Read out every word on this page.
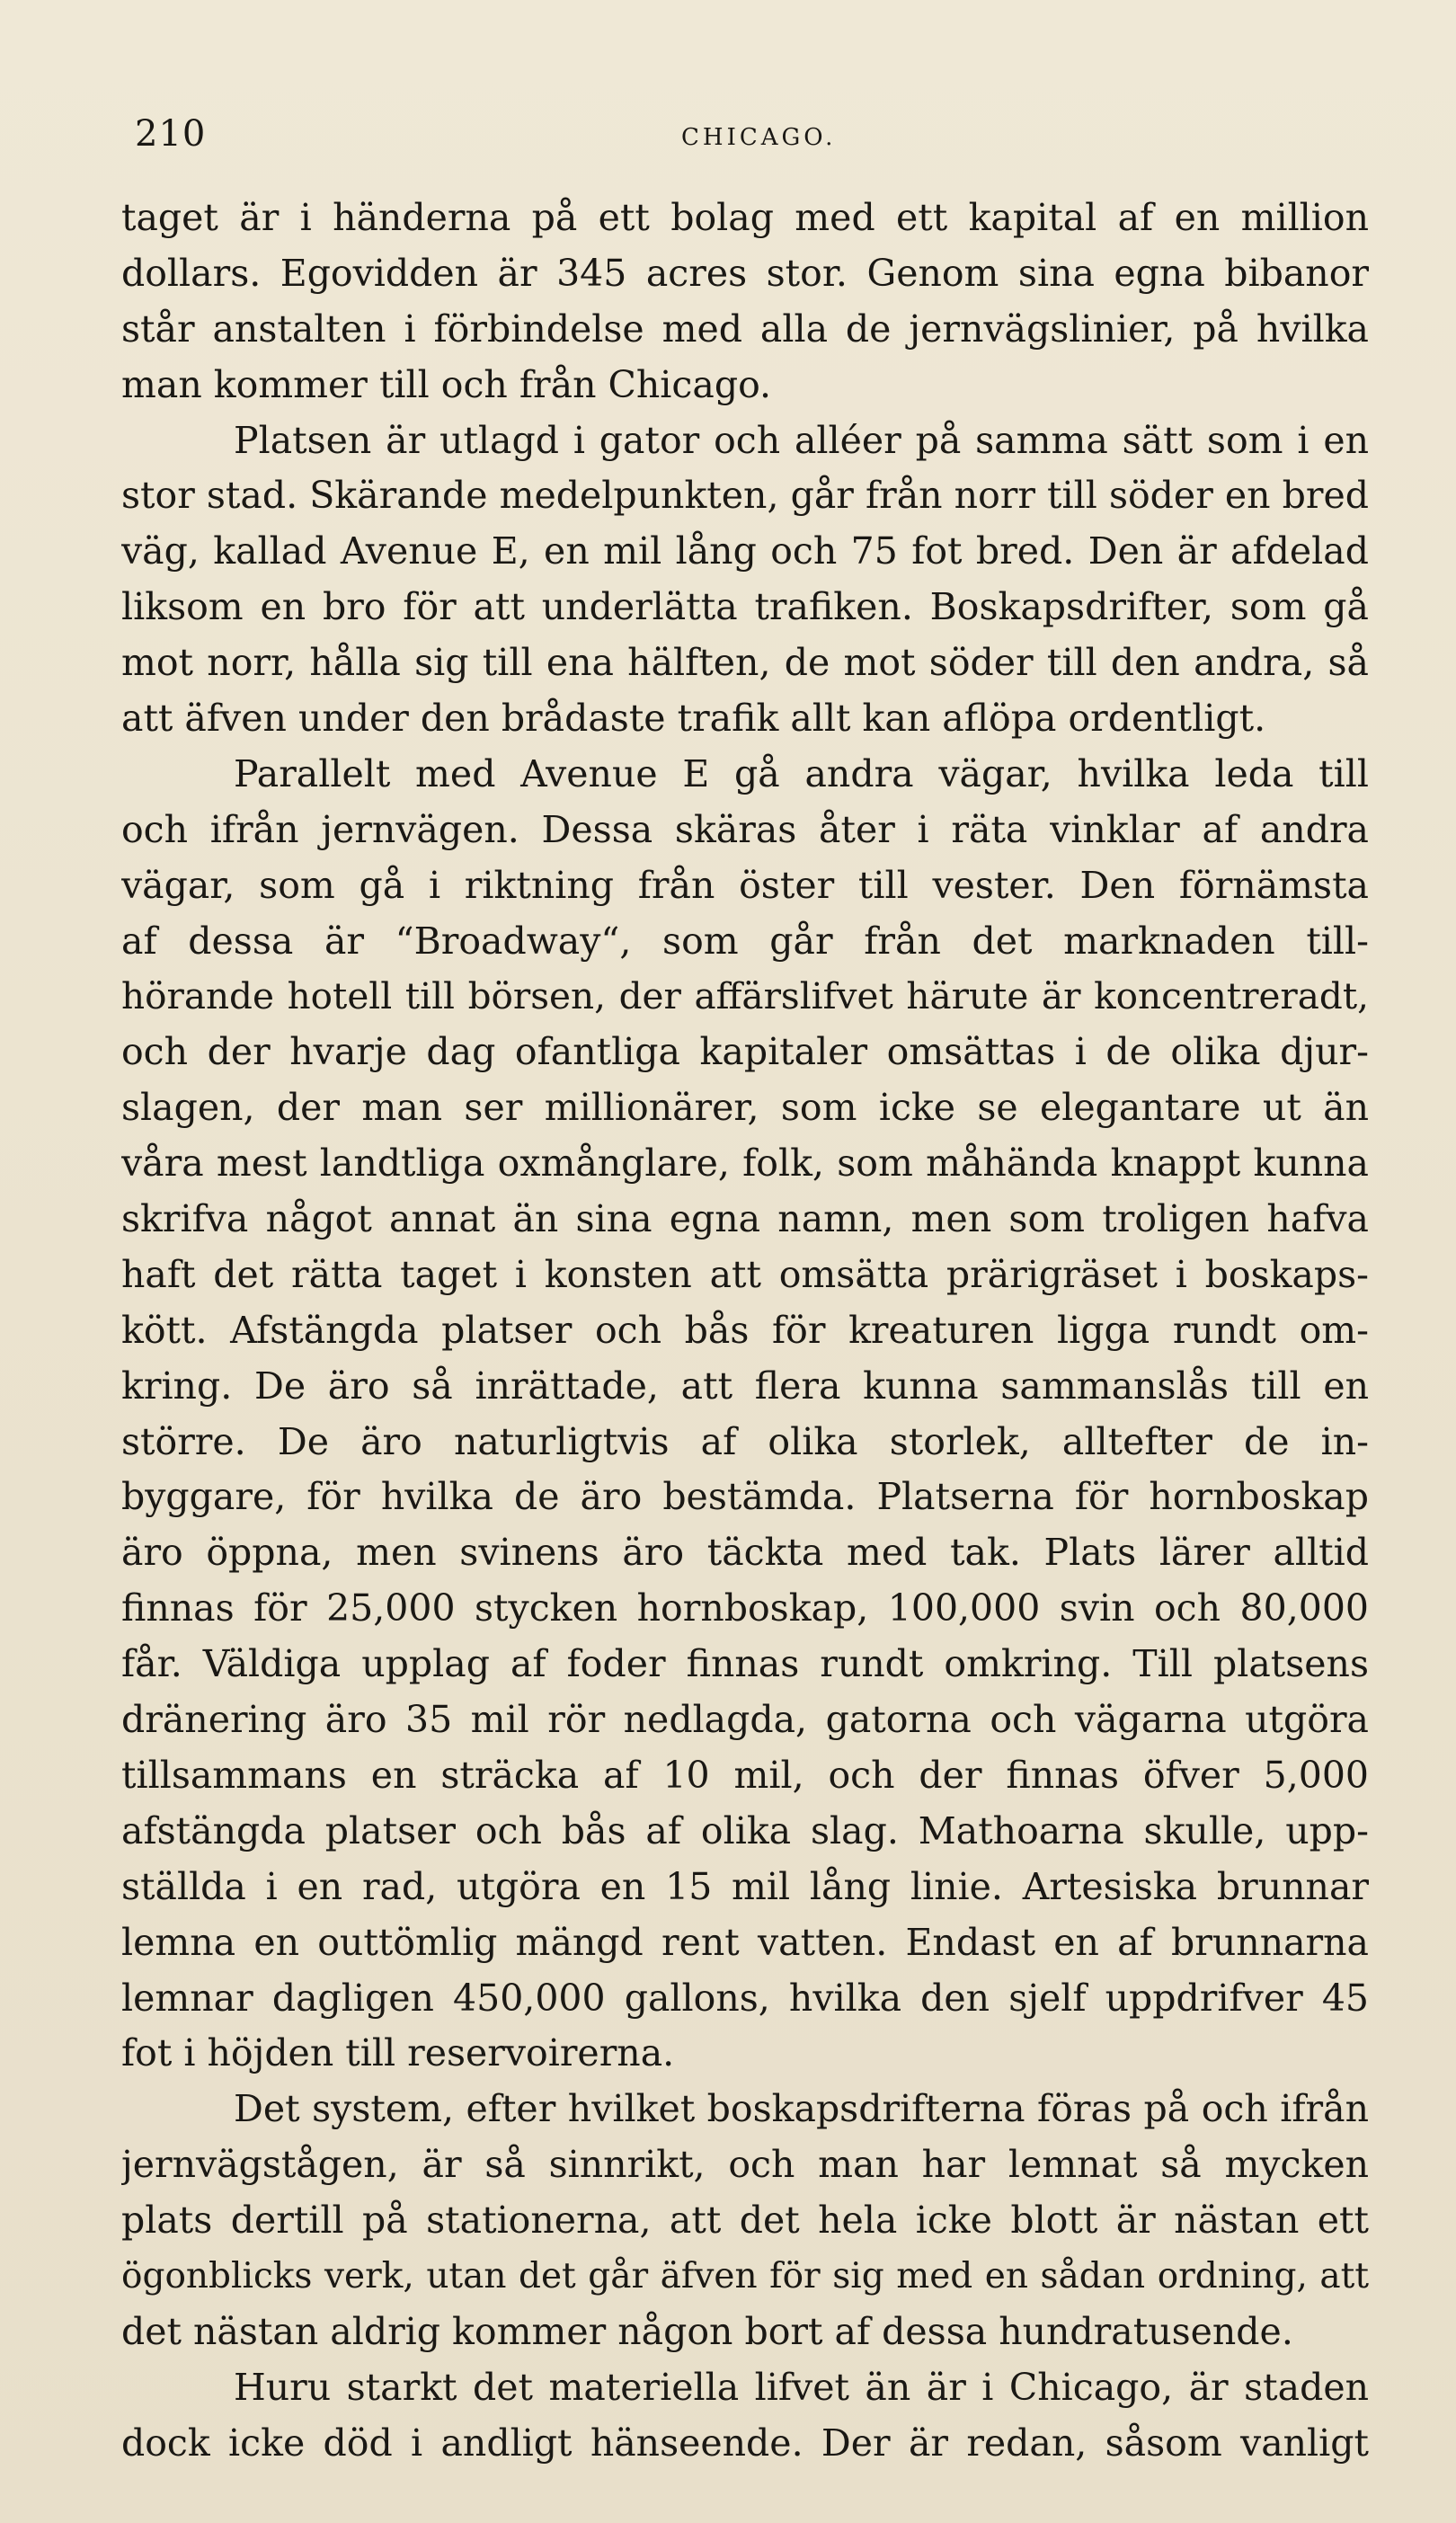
210	CHICAGO.
taget är i händerna på ett bolag med ett kapital af en million
dollars. Egovidden är 345 acres stor. Genom sina egna bibanor
står anstalten i förbindelse med alla de jernvägslinier, på hvilka
man kommer till och från Chicago.
Platsen är utlagd i gator och alléer på samma sätt som i en
stor stad. Skärande medelpunkten, går från norr till söder en bred
väg, kallad Avenue E, en mil lång och 75 fot bred. Den är afdelad
liksom en bro för att underlätta trafiken. Boskapsdrifter, som gå
mot norr, hålla sig till ena hälften, de mot söder till den andra, så
att äfven under den brådaste trafik allt kan aflöpa ordentligt.
Parallelt med Avenue E gå andra vägar, hvilka leda till
och ifrån jernvägen. Dessa skäras åter i räta vinklar af andra
vägar, som gå i riktning från öster till vester. Den förnämsta
af dessa är “Broadway“, som går från det marknaden till-
hörande hotell till börsen, der affärslifvet härute är koncentreradt,
och der hvarje dag ofantliga kapitaler omsättas i de olika djur-
slagen, der man ser millionärer, som icke se elegantare ut än
våra mest landtliga oxmånglare, folk, som måhända knappt kunna
skrifva något annat än sina egna namn, men som troligen hafva
haft det rätta taget i konsten att omsätta prärigräset i boskaps-
kött. Afstängda platser och bås för kreaturen ligga rundt om-
kring. De äro så inrättade, att flera kunna sammanslås till en
större. De äro naturligtvis af olika storlek, alltefter de in-
byggare, för hvilka de äro bestämda. Platserna för hornboskap
äro öppna, men svinens äro täckta med tak. Plats lärer alltid
finnas för 25,000 stycken hornboskap, 100,000 svin och 80,000
får. Väldiga upplag af foder finnas rundt omkring. Till platsens
dränering äro 35 mil rör nedlagda, gatorna och vägarna utgöra
tillsammans en sträcka af 10 mil, och der finnas öfver 5,000
afstängda platser och bås af olika slag. Mathoarna skulle, upp-
ställda i en rad, utgöra en 15 mil lång linie. Artesiska brunnar
lemna en outtömlig mängd rent vatten. Endast en af brunnarna
lemnar dagligen 450,000 gallons, hvilka den sjelf uppdrifver 45
fot i höjden till reservoirerna.
Det system, efter hvilket boskapsdrifterna föras på och ifrån
jernvägstågen, är så sinnrikt, och man har lemnat så mycken
plats dertill på stationerna, att det hela icke blott är nästan ett
ögonblicks verk, utan det går äfven för sig med en sådan ordning, att
det nästan aldrig kommer någon bort af dessa hundratusende.
Huru starkt det materiella lifvet än är i Chicago, är staden
dock icke död i andligt hänseende. Der är redan, såsom vanligt
